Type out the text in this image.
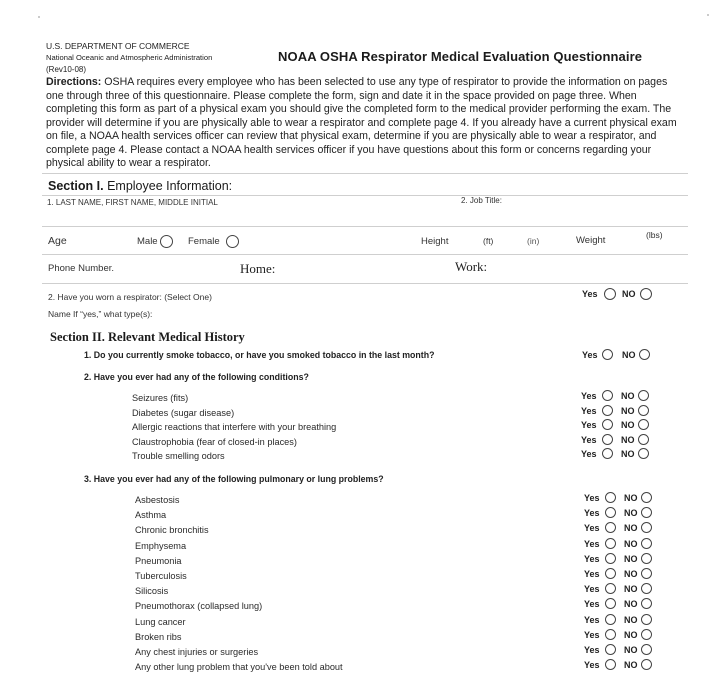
U.S. DEPARTMENT OF COMMERCE
National Oceanic and Atmospheric Administration
(Rev10-08)
NOAA OSHA Respirator Medical Evaluation Questionnaire
Directions: OSHA requires every employee who has been selected to use any type of respirator to provide the information on pages one through three of this questionnaire. Please complete the form, sign and date it in the space provided on page three. When completing this form as part of a physical exam you should give the completed form to the medical provider performing the exam. The provider will determine if you are physically able to wear a respirator and complete page 4. If you already have a current physical exam on file, a NOAA health services officer can review that physical exam, determine if you are physically able to wear a respirator, and complete page 4. Please contact a NOAA health services officer if you have questions about this form or concerns regarding your physical ability to wear a respirator.
Section I. Employee Information:
1. LAST NAME, FIRST NAME, MIDDLE INITIAL	2. Job Title:
Age	Male	Female	Height	(ft)	(in)	Weight	(lbs)
Phone Number.	Home:	Work:
2. Have you worn a respirator: (Select One)	Yes	NO
Name If “yes,” what type(s):
Section II. Relevant Medical History
1. Do you currently smoke tobacco, or have you smoked tobacco in the last month?	Yes	NO
2. Have you ever had any of the following conditions?
Seizures (fits)	Yes	NO
Diabetes (sugar disease)	Yes	NO
Allergic reactions that interfere with your breathing	Yes	NO
Claustrophobia (fear of closed-in places)	Yes	NO
Trouble smelling odors	Yes	NO
3. Have you ever had any of the following pulmonary or lung problems?
Asbestosis	Yes	NO
Asthma	Yes	NO
Chronic bronchitis	Yes	NO
Emphysema	Yes	NO
Pneumonia	Yes	NO
Tuberculosis	Yes	NO
Silicosis	Yes	NO
Pneumothorax (collapsed lung)	Yes	NO
Lung cancer	Yes	NO
Broken ribs	Yes	NO
Any chest injuries or surgeries	Yes	NO
Any other lung problem that you've been told about	Yes	NO
